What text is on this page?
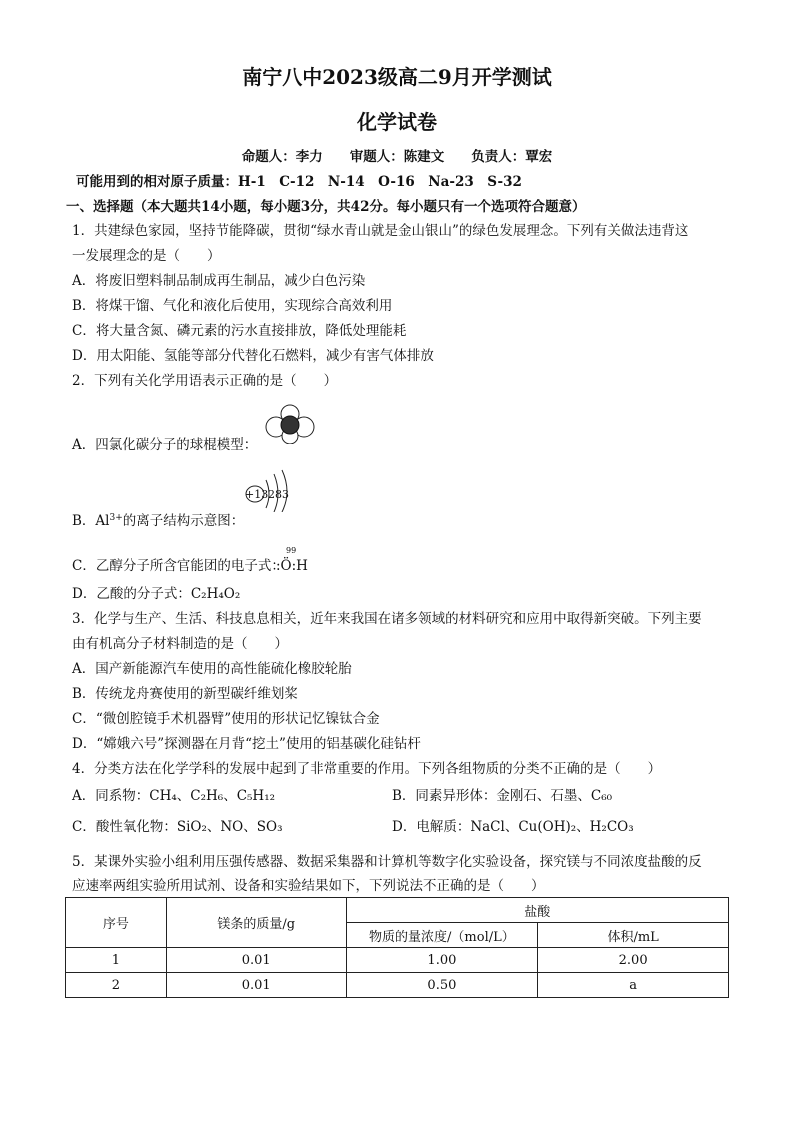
南宁八中2023级高二9月开学测试
化学试卷
命题人：李力　　审题人：陈建文　　负责人：覃宏
可能用到的相对原子质量：H-1　C-12　N-14　O-16　Na-23　S-32
一、选择题（本大题共14小题，每小题3分，共42分。每小题只有一个选项符合题意）
1．共建绿色家园，坚持节能降碳，贯彻“绿水青山就是金山银山”的绿色发展理念。下列有关做法违背这
一发展理念的是（　　）
A．将废旧塑料制品制成再生制品，减少白色污染
B．将煤干馏、气化和液化后使用，实现综合高效利用
C．将大量含氮、磷元素的污水直接排放，降低处理能耗
D．用太阳能、氢能等部分代替化石燃料，减少有害气体排放
2．下列有关化学用语表示正确的是（　　）
A．四氯化碳分子的球棍模型：
B．$Al^{3+}$的离子结构示意图：
+13 283
C．乙醇分子所含官能团的电子式：
99
:Ö:H
D．乙酸的分子式：C₂H₄O₂
3．化学与生产、生活、科技息息相关，近年来我国在诸多领域的材料研究和应用中取得新突破。下列主要
由有机高分子材料制造的是（　　）
A．国产新能源汽车使用的高性能硫化橡胶轮胎
B．传统龙舟赛使用的新型碳纤维划桨
C．“微创腔镜手术机器臂”使用的形状记忆镍钛合金
D．“嫦娥六号”探测器在月背“挖土”使用的铝基碳化硅钻杆
4．分类方法在化学学科的发展中起到了非常重要的作用。下列各组物质的分类不正确的是（　　）
A．同系物：CH₄、C₂H₆、C₅H₁₂	B．同素异形体：金刚石、石墨、C₆₀
C．酸性氧化物：SiO₂、NO、SO₃	D．电解质：NaCl、Cu(OH)₂、H₂CO₃
5．某课外实验小组利用压强传感器、数据采集器和计算机等数字化实验设备，探究镁与不同浓度盐酸的反
应速率两组实验所用试剂、设备和实验结果如下，下列说法不正确的是（　　）
序号	镁条的质量/g	盐酸	
		物质的量浓度/（mol/L）	体积/mL
1	0.01	1.00	2.00
2	0.01	0.50	a
